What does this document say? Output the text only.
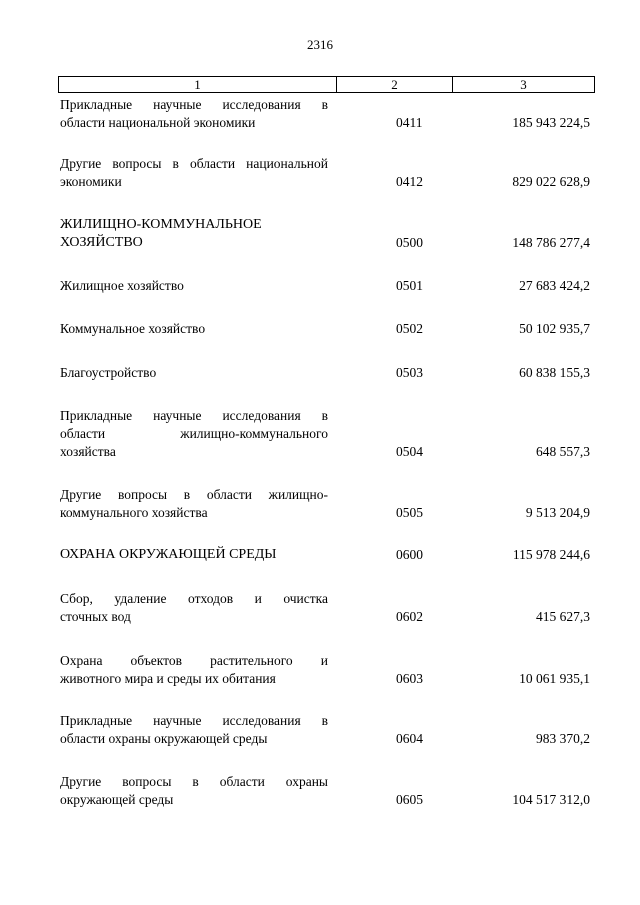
2316
1	2	3
Прикладные научные исследования в
области национальной экономики	0411	185 943 224,5
Другие вопросы в области национальной
экономики	0412	829 022 628,9
ЖИЛИЩНО-КОММУНАЛЬНОЕ
ХОЗЯЙСТВО	0500	148 786 277,4
Жилищное хозяйство	0501	27 683 424,2
Коммунальное хозяйство	0502	50 102 935,7
Благоустройство	0503	60 838 155,3
Прикладные научные исследования в
области жилищно-коммунального
хозяйства	0504	648 557,3
Другие вопросы в области жилищно-
коммунального хозяйства	0505	9 513 204,9
ОХРАНА ОКРУЖАЮЩЕЙ СРЕДЫ	0600	115 978 244,6
Сбор, удаление отходов и очистка
сточных вод	0602	415 627,3
Охрана объектов растительного и
животного мира и среды их обитания	0603	10 061 935,1
Прикладные научные исследования в
области охраны окружающей среды	0604	983 370,2
Другие вопросы в области охраны
окружающей среды	0605	104 517 312,0
